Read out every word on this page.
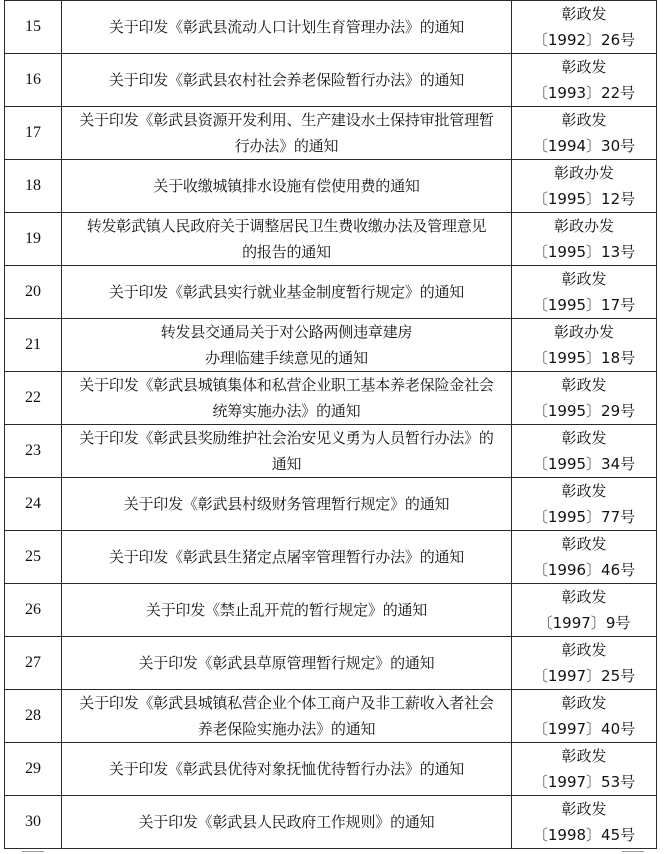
15	关于印发《彰武县流动人口计划生育管理办法》的通知	彰政发
〔1992〕26号

16	关于印发《彰武县农村社会养老保险暂行办法》的通知	彰政发
〔1993〕22号

17	关于印发《彰武县资源开发利用、生产建设水土保持审批管理暂
行办法》的通知	彰政发
〔1994〕30号

18	关于收缴城镇排水设施有偿使用费的通知	彰政办发
〔1995〕12号

19	转发彰武镇人民政府关于调整居民卫生费收缴办法及管理意见
的报告的通知	彰政办发
〔1995〕13号

20	关于印发《彰武县实行就业基金制度暂行规定》的通知	彰政发
〔1995〕17号

21	转发县交通局关于对公路两侧违章建房
办理临建手续意见的通知	彰政办发
〔1995〕18号

22	关于印发《彰武县城镇集体和私营企业职工基本养老保险金社会
统筹实施办法》的通知	彰政发
〔1995〕29号

23	关于印发《彰武县奖励维护社会治安见义勇为人员暂行办法》的
通知	彰政发
〔1995〕34号

24	关于印发《彰武县村级财务管理暂行规定》的通知	彰政发
〔1995〕77号

25	关于印发《彰武县生猪定点屠宰管理暂行办法》的通知	彰政发
〔1996〕46号

26	关于印发《禁止乱开荒的暂行规定》的通知	彰政发
〔1997〕9号

27	关于印发《彰武县草原管理暂行规定》的通知	彰政发
〔1997〕25号

28	关于印发《彰武县城镇私营企业个体工商户及非工薪收入者社会
养老保险实施办法》的通知	彰政发
〔1997〕40号

29	关于印发《彰武县优待对象抚恤优待暂行办法》的通知	彰政发
〔1997〕53号

30	关于印发《彰武县人民政府工作规则》的通知	彰政发
〔1998〕45号
